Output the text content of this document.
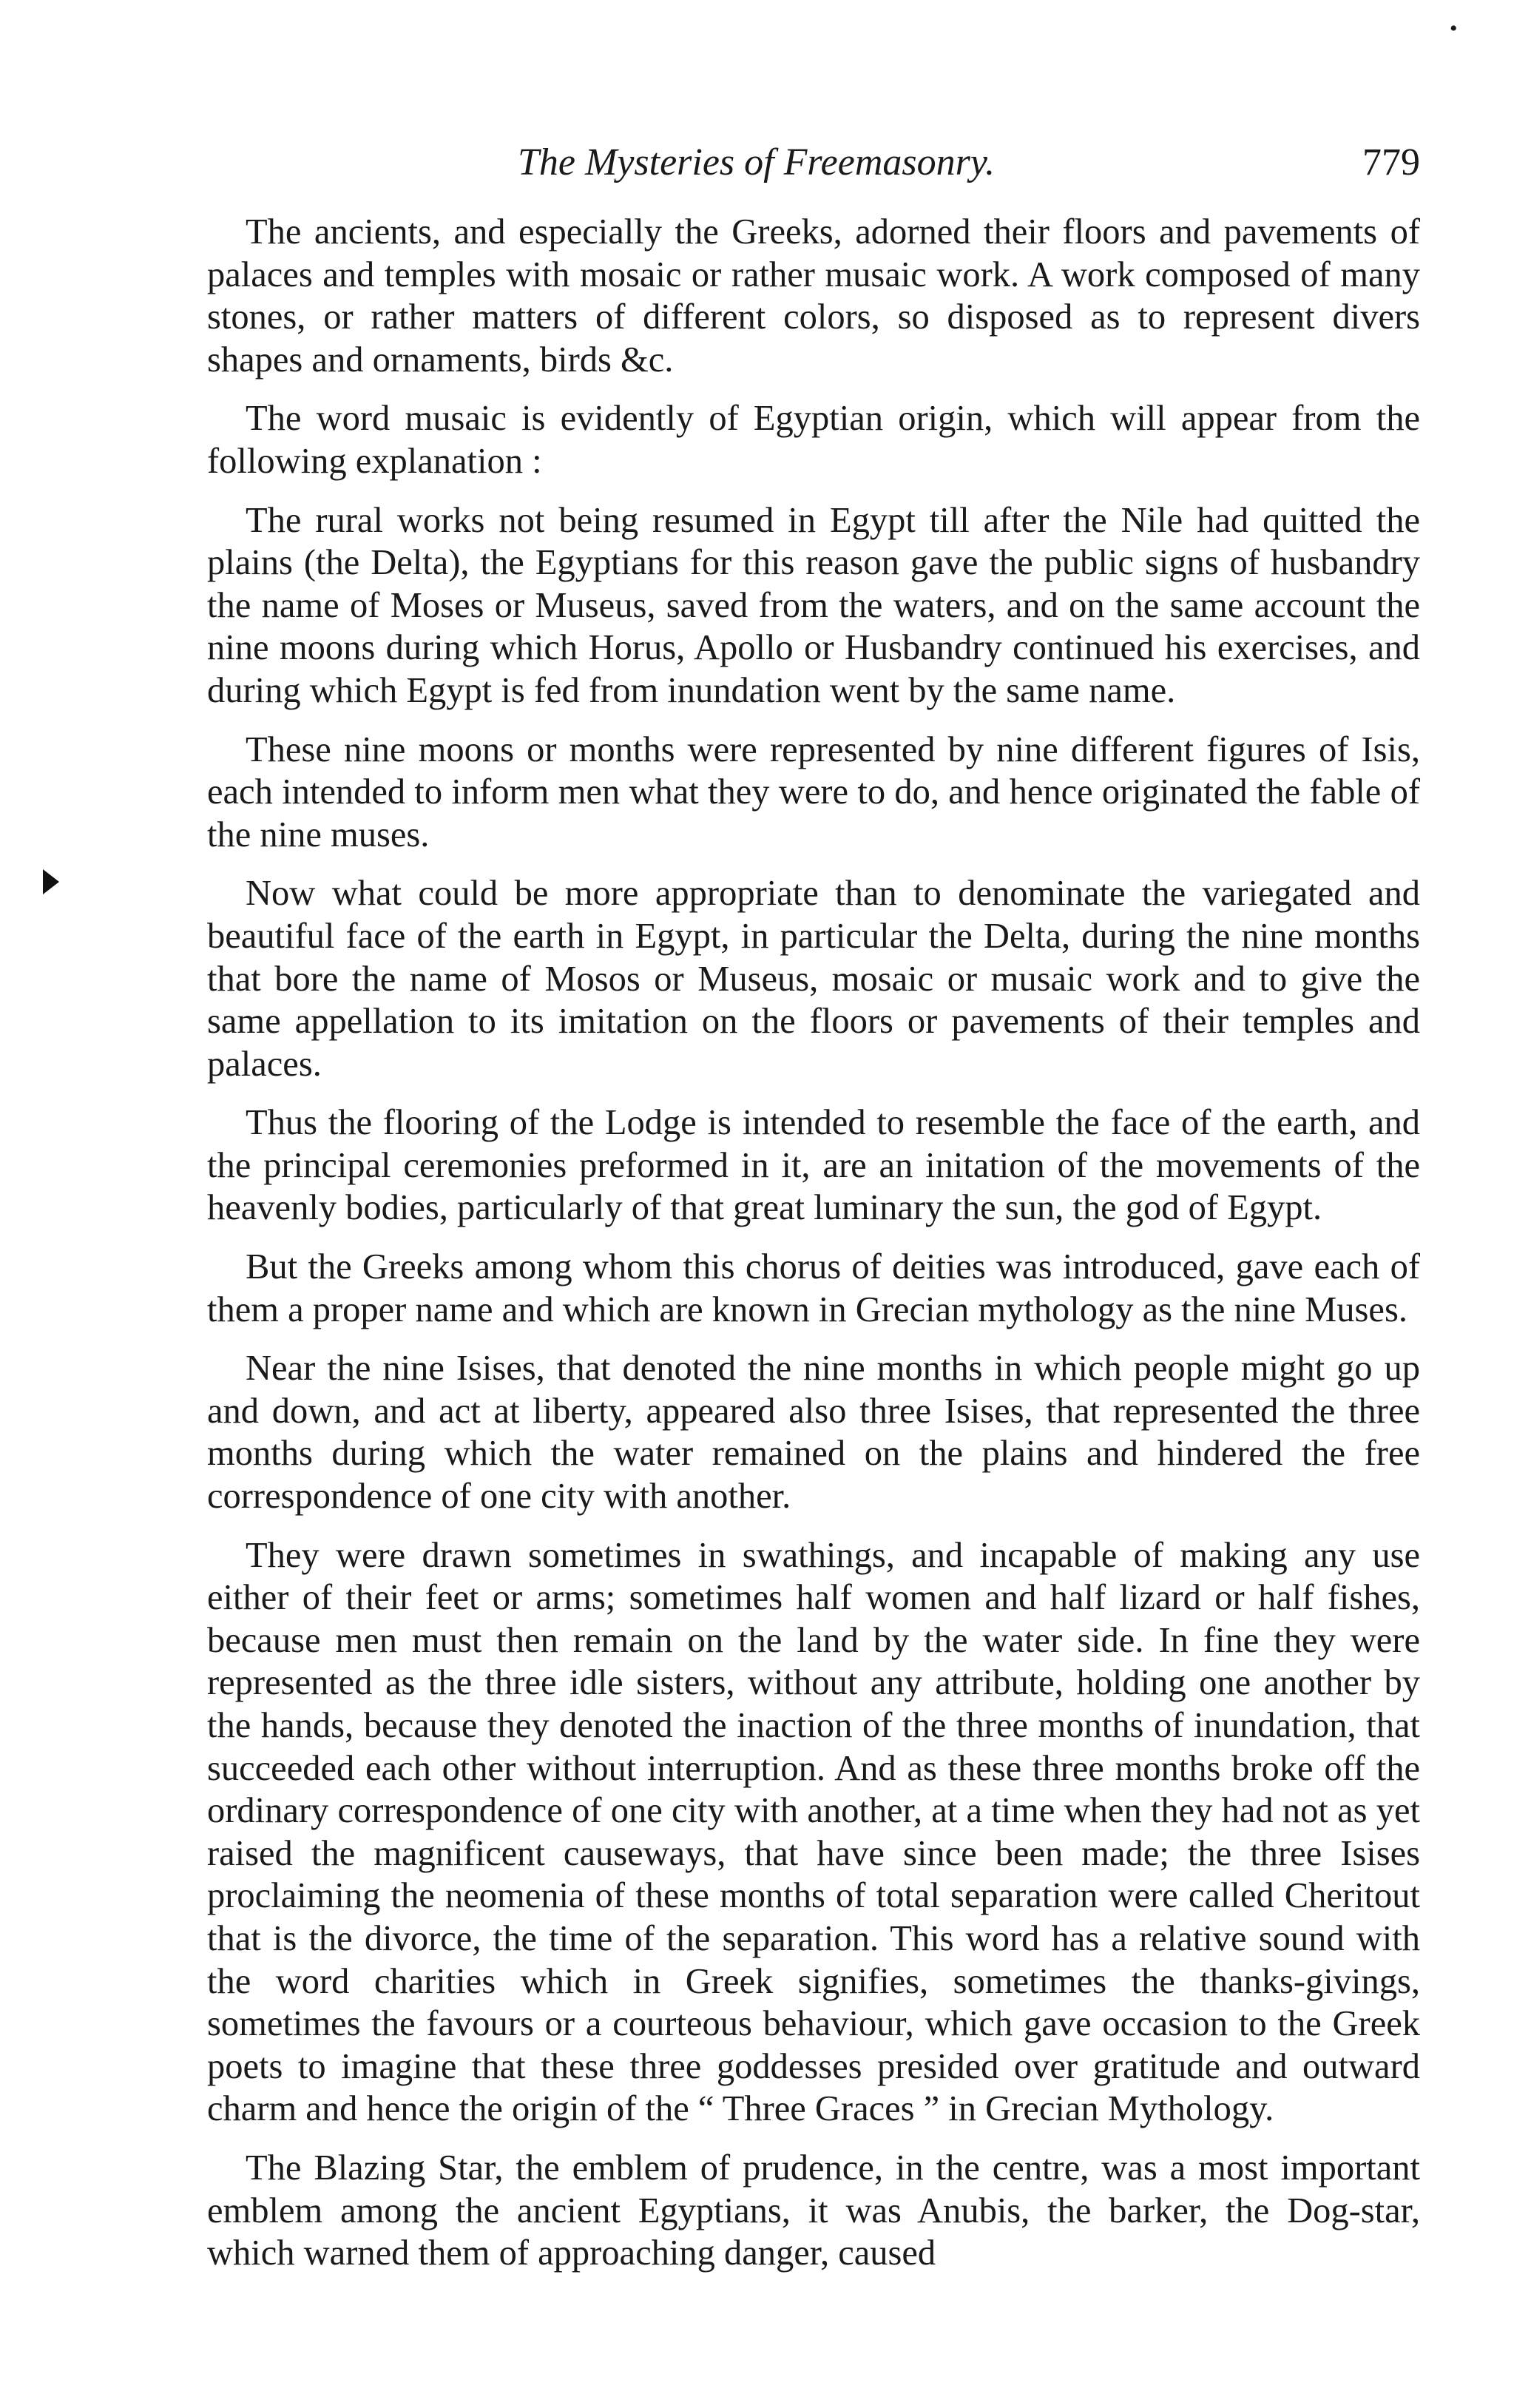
The Mysteries of Freemasonry.	779
•

The ancients, and especially the Greeks, adorned their floors and pavements of palaces and temples with mosaic or rather musaic work. A work composed of many stones, or rather matters of different colors, so disposed as to represent divers shapes and ornaments, birds &c.

The word musaic is evidently of Egyptian origin, which will appear from the following explanation :

The rural works not being resumed in Egypt till after the Nile had quitted the plains (the Delta), the Egyptians for this reason gave the public signs of husbandry the name of Moses or Museus, saved from the waters, and on the same account the nine moons during which Horus, Apollo or Husbandry continued his exercises, and during which Egypt is fed from inundation went by the same name.

These nine moons or months were represented by nine different figures of Isis, each intended to inform men what they were to do, and hence originated the fable of the nine muses.

Now what could be more appropriate than to denominate the variegated and beautiful face of the earth in Egypt, in particular the Delta, during the nine months that bore the name of Mosos or Museus, mosaic or musaic work and to give the same appellation to its imitation on the floors or pavements of their temples and palaces.

Thus the flooring of the Lodge is intended to resemble the face of the earth, and the principal ceremonies preformed in it, are an initation of the movements of the heavenly bodies, particularly of that great luminary the sun, the god of Egypt.

But the Greeks among whom this chorus of deities was introduced, gave each of them a proper name and which are known in Grecian mythology as the nine Muses.

Near the nine Isises, that denoted the nine months in which people might go up and down, and act at liberty, appeared also three Isises, that represented the three months during which the water remained on the plains and hindered the free correspondence of one city with another.

They were drawn sometimes in swathings, and incapable of making any use either of their feet or arms; sometimes half women and half lizard or half fishes, because men must then remain on the land by the water side. In fine they were represented as the three idle sisters, without any attribute, holding one another by the hands, because they denoted the inaction of the three months of inundation, that succeeded each other without interruption. And as these three months broke off the ordinary correspondence of one city with another, at a time when they had not as yet raised the magnificent causeways, that have since been made; the three Isises proclaiming the neomenia of these months of total separation were called Cheritout that is the divorce, the time of the separation. This word has a relative sound with the word charities which in Greek signifies, sometimes the thanks-givings, sometimes the favours or a courteous behaviour, which gave occasion to the Greek poets to imagine that these three goddesses presided over gratitude and outward charm and hence the origin of the “ Three Graces ” in Grecian Mythology.

The Blazing Star, the emblem of prudence, in the centre, was a most important emblem among the ancient Egyptians, it was Anubis, the barker, the Dog-star, which warned them of approaching danger, caused
